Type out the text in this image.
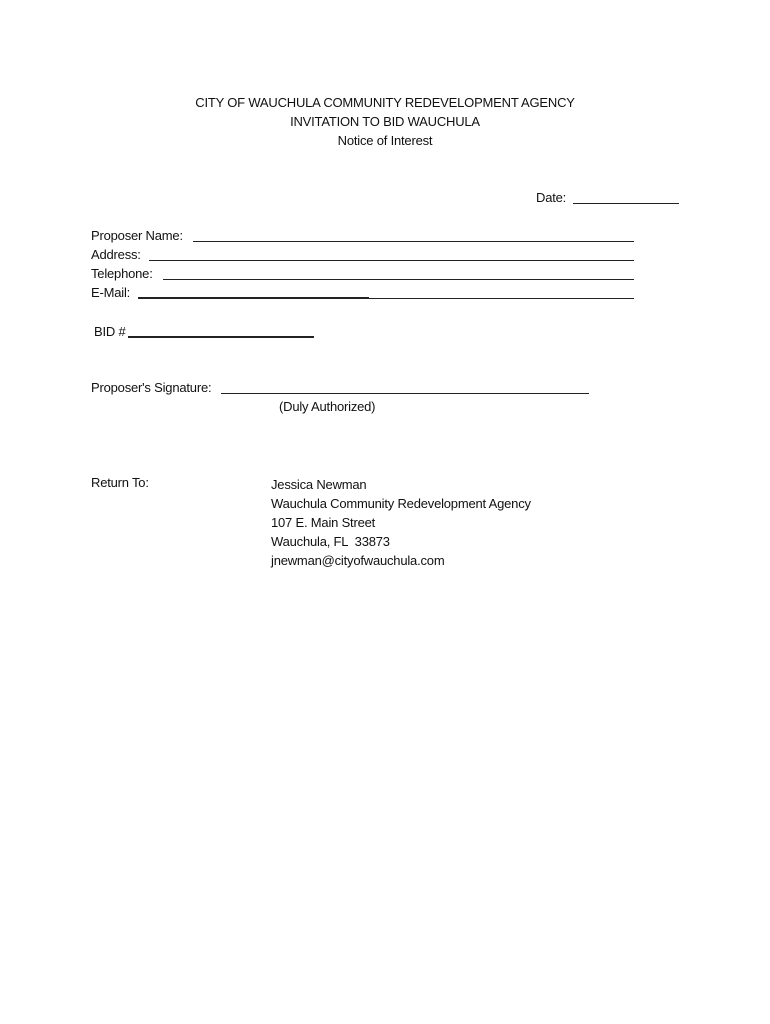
CITY OF WAUCHULA COMMUNITY REDEVELOPMENT AGENCY
INVITATION TO BID WAUCHULA
Notice of Interest
Date:
Proposer Name:
Address:
Telephone:
E-Mail:
BID #
Proposer's Signature:
(Duly Authorized)
Return To:	Jessica Newman
Wauchula Community Redevelopment Agency
107 E. Main Street
Wauchula, FL  33873
jnewman@cityofwauchula.com
